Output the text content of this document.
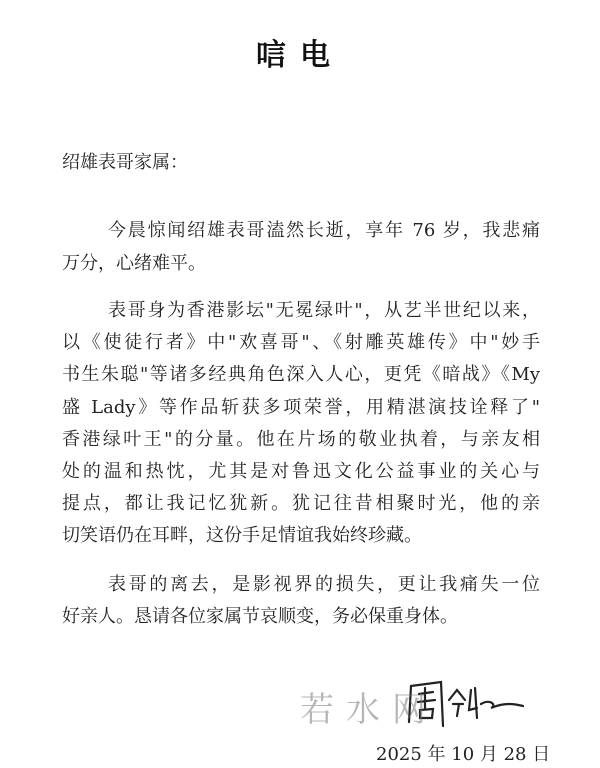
唁电
绍雄表哥家属：
今晨惊闻绍雄表哥溘然长逝，享年 76 岁，我悲痛
万分，心绪难平。
表哥身为香港影坛"无冕绿叶"，从艺半世纪以来，
以《使徒行者》中"欢喜哥"、《射雕英雄传》中"妙手
书生朱聪"等诸多经典角色深入人心，更凭《暗战》《My
盛 Lady》等作品斩获多项荣誉，用精湛演技诠释了"
香港绿叶王"的分量。他在片场的敬业执着，与亲友相
处的温和热忱，尤其是对鲁迅文化公益事业的关心与
提点，都让我记忆犹新。犹记往昔相聚时光，他的亲
切笑语仍在耳畔，这份手足情谊我始终珍藏。
表哥的离去，是影视界的损失，更让我痛失一位
好亲人。恳请各位家属节哀顺变，务必保重身体。
若水网
2025 年 10 月 28 日
